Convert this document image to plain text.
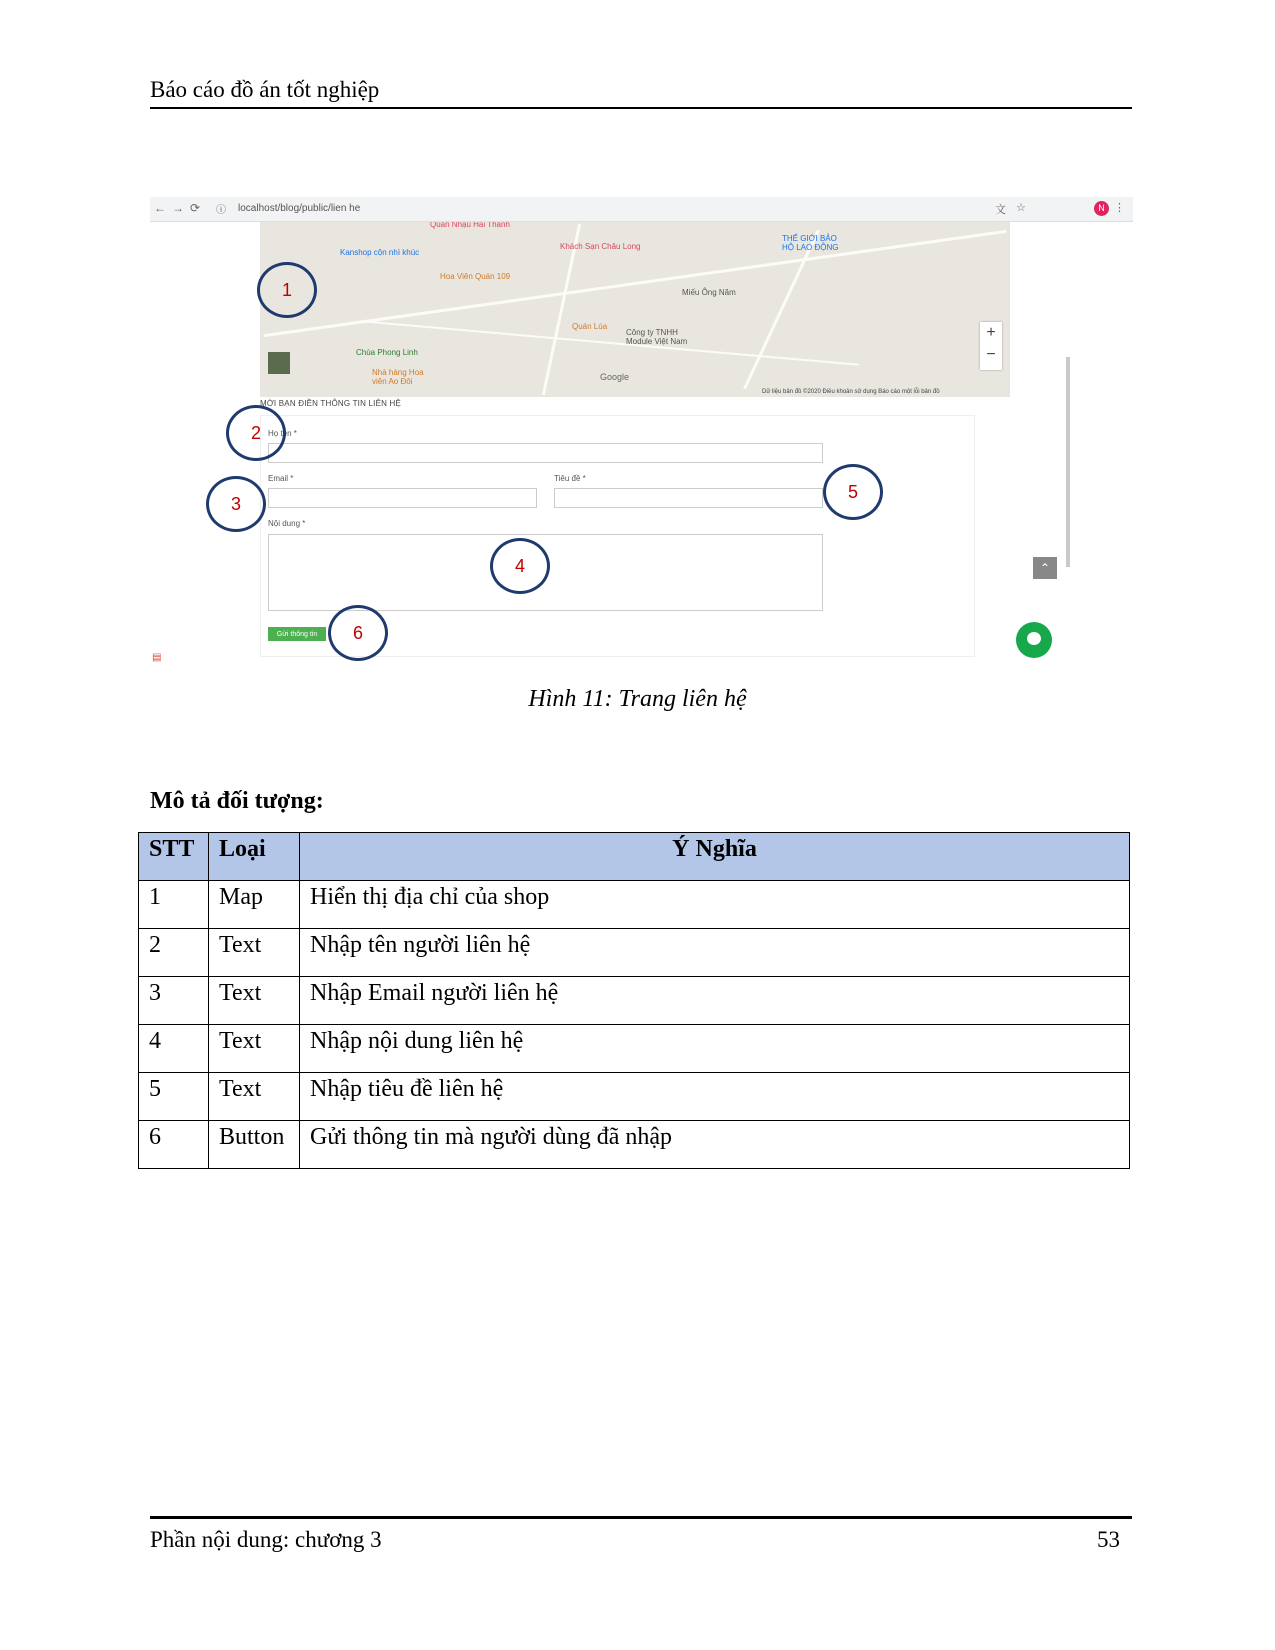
Báo cáo đồ án tốt nghiệp
← → ⟳ ⓘ localhost/blog/public/lien he	文 ☆	N ⋮
Quán Nhậu Hải Thành
Kanshop cộn nhì khúc
Khách Sạn Châu Long
THẾ GIỚI BẢO HỘ LAO ĐỘNG
Hoa Viên Quán 109
Miếu Ông Năm
Quán Lúa
Công ty TNHH Module Việt Nam
Chùa Phong Linh
Nhà hàng Hoa viên Ao Đôi	Google
+
−
Dữ liệu bản đồ ©2020 Điều khoản sử dụng Báo cáo một lỗi bản đồ
MỜI BẠN ĐIỀN THÔNG TIN LIÊN HỆ
Họ tên *
Email *	Tiêu đề *
Nội dung *
Gửi thông tin
⌃
▤
1
2
3
4
5
6
Hình 11: Trang liên hệ
Mô tả đối tượng:
STT	Loại	Ý Nghĩa
1	Map	Hiển thị địa chỉ của shop
2	Text	Nhập tên người liên hệ
3	Text	Nhập Email người liên hệ
4	Text	Nhập nội dung liên hệ
5	Text	Nhập tiêu đề liên hệ
6	Button	Gửi thông tin mà người dùng đã nhập
Phần nội dung: chương 3	53
